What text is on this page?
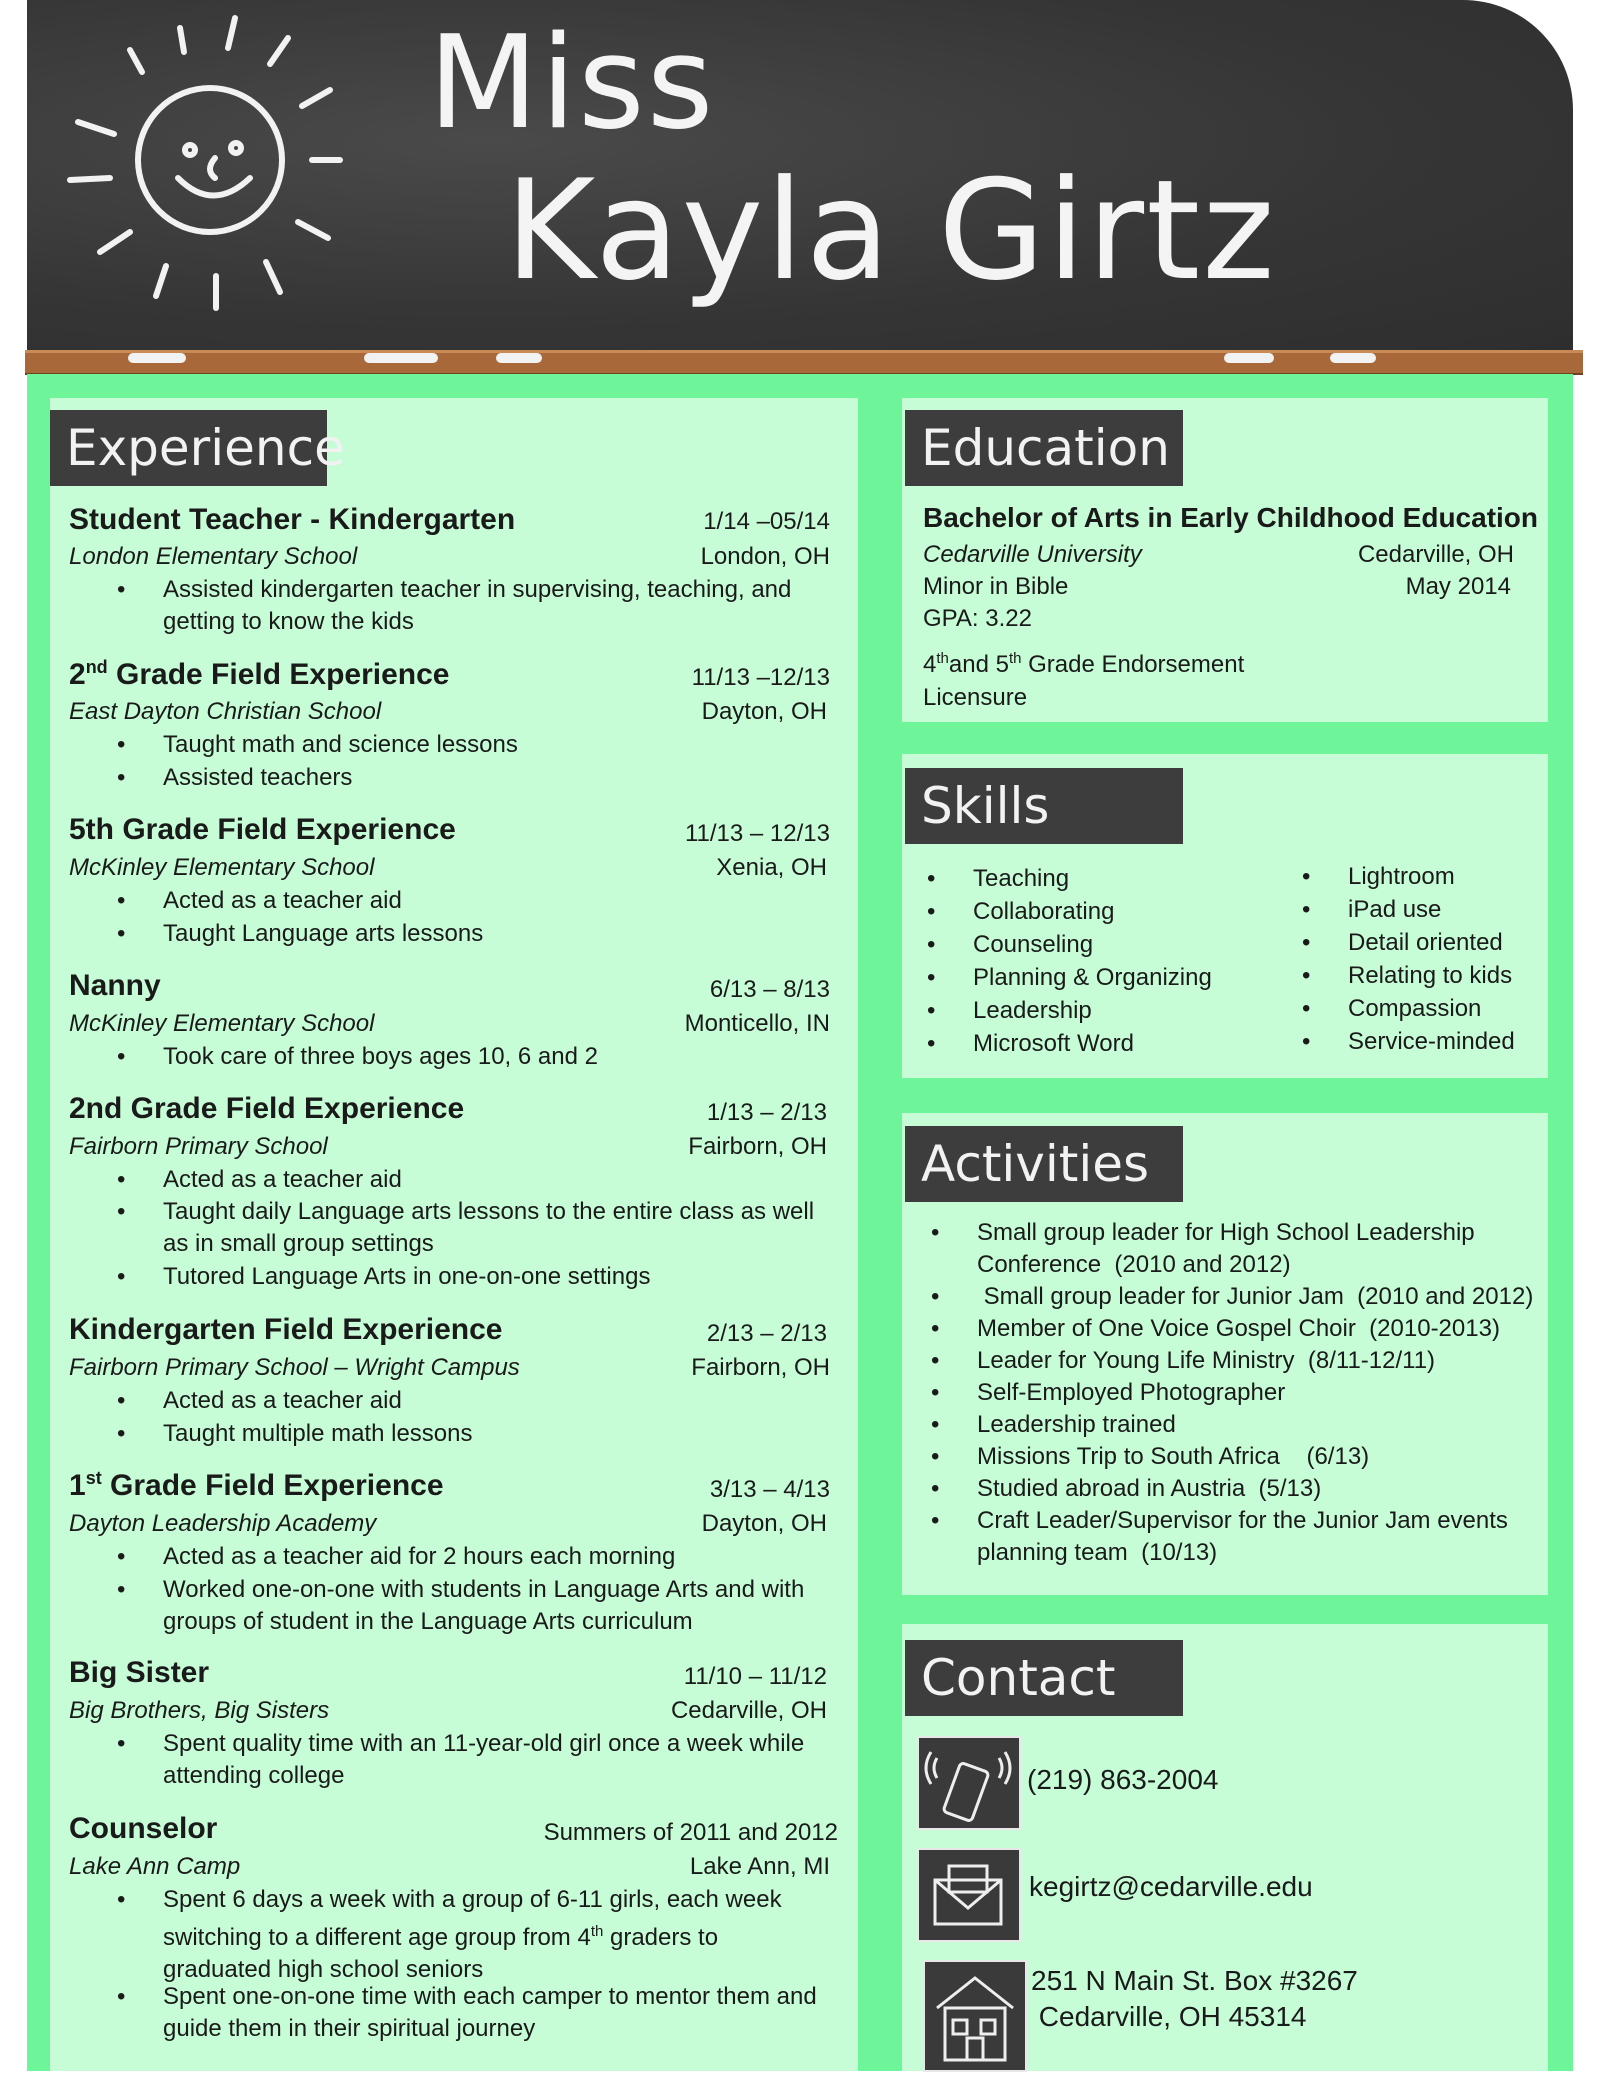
Miss
Kayla Girtz
Experience
Student Teacher - Kindergarten	1/14 –05/14
London Elementary School	London, OH
• Assisted kindergarten teacher in supervising, teaching, and getting to know the kids
2nd Grade Field Experience	11/13 –12/13
East Dayton Christian School	Dayton, OH
• Taught math and science lessons
• Assisted teachers
5th Grade Field Experience	11/13 – 12/13
McKinley Elementary School	Xenia, OH
• Acted as a teacher aid
• Taught Language arts lessons
Nanny	6/13 – 8/13
McKinley Elementary School	Monticello, IN
• Took care of three boys ages 10, 6 and 2
2nd Grade Field Experience	1/13 – 2/13
Fairborn Primary School	Fairborn, OH
• Acted as a teacher aid
• Taught daily Language arts lessons to the entire class as well as in small group settings
• Tutored Language Arts in one-on-one settings
Kindergarten Field Experience	2/13 – 2/13
Fairborn Primary School – Wright Campus	Fairborn, OH
• Acted as a teacher aid
• Taught multiple math lessons
1st Grade Field Experience	3/13 – 4/13
Dayton Leadership Academy	Dayton, OH
• Acted as a teacher aid for 2 hours each morning
• Worked one-on-one with students in Language Arts and with groups of student in the Language Arts curriculum
Big Sister	11/10 – 11/12
Big Brothers, Big Sisters	Cedarville, OH
• Spent quality time with an 11-year-old girl once a week while attending college
Counselor	Summers of 2011 and 2012
Lake Ann Camp	Lake Ann, MI
• Spent 6 days a week with a group of 6-11 girls, each week
switching to a different age group from 4th graders to
graduated high school seniors
• Spent one-on-one time with each camper to mentor them and guide them in their spiritual journey
Education
Bachelor of Arts in Early Childhood Education
Cedarville University	Cedarville, OH
Minor in Bible	May 2014
GPA: 3.22
4thand 5th Grade Endorsement
Licensure
Skills
• Teaching
• Collaborating
• Counseling
• Planning & Organizing
• Leadership
• Microsoft Word
• Lightroom
• iPad use
• Detail oriented
• Relating to kids
• Compassion
• Service-minded
Activities
• Small group leader for High School Leadership Conference  (2010 and 2012)
•  Small group leader for Junior Jam  (2010 and 2012)
• Member of One Voice Gospel Choir  (2010-2013)
• Leader for Young Life Ministry  (8/11-12/11)
• Self-Employed Photographer
• Leadership trained
• Missions Trip to South Africa    (6/13)
• Studied abroad in Austria  (5/13)
• Craft Leader/Supervisor for the Junior Jam events planning team  (10/13)
Contact
(219) 863-2004
kegirtz@cedarville.edu
251 N Main St. Box #3267
Cedarville, OH 45314
